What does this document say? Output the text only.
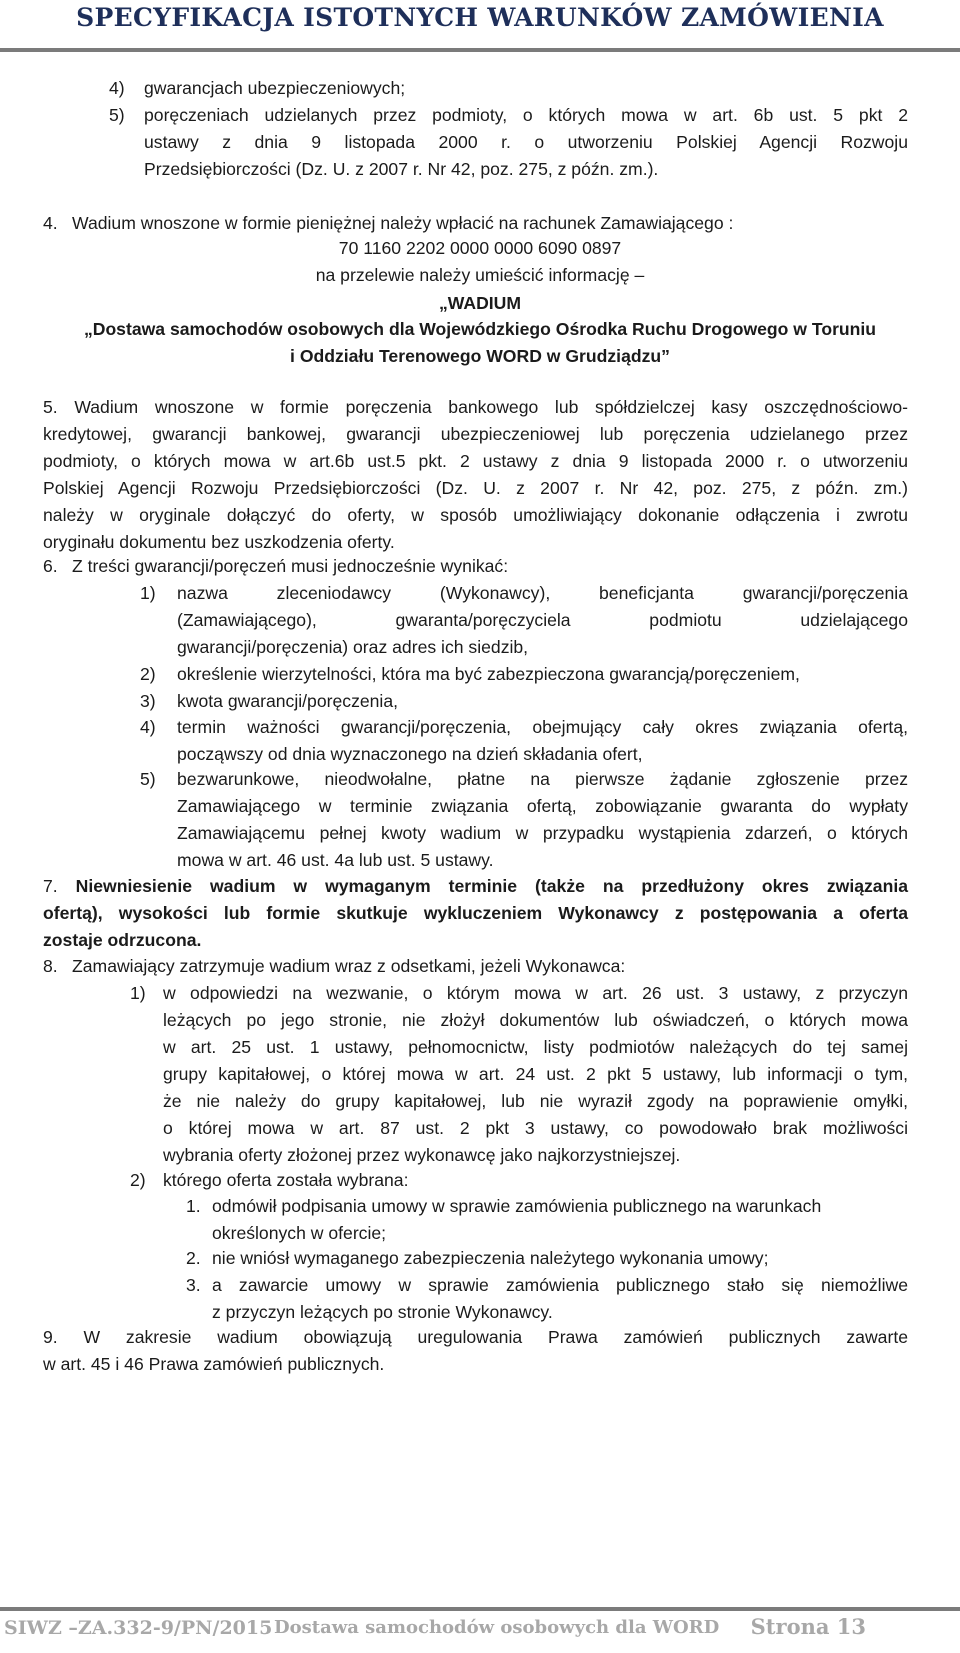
SPECYFIKACJA ISTOTNYCH WARUNKÓW ZAMÓWIENIA
4) gwarancjach ubezpieczeniowych;
5) poręczeniach udzielanych przez podmioty, o których mowa w art. 6b ust. 5 pkt 2
ustawy z dnia 9 listopada 2000 r. o utworzeniu Polskiej Agencji Rozwoju
Przedsiębiorczości (Dz. U. z 2007 r. Nr 42, poz. 275, z późn. zm.).
4. Wadium wnoszone w formie pieniężnej należy wpłacić na rachunek Zamawiającego :
70 1160 2202 0000 0000 6090 0897
na przelewie należy umieścić informację –
„WADIUM
„Dostawa samochodów osobowych dla Wojewódzkiego Ośrodka Ruchu Drogowego w Toruniu
i Oddziału Terenowego WORD w Grudziądzu”
5. Wadium wnoszone w formie poręczenia bankowego lub spółdzielczej kasy oszczędnościowo-
kredytowej, gwarancji bankowej, gwarancji ubezpieczeniowej lub poręczenia udzielanego przez
podmioty, o których mowa w art.6b ust.5 pkt. 2 ustawy z dnia 9 listopada 2000 r. o utworzeniu
Polskiej Agencji Rozwoju Przedsiębiorczości (Dz. U. z 2007 r. Nr 42, poz. 275, z późn. zm.)
należy w oryginale dołączyć do oferty, w sposób umożliwiający dokonanie odłączenia i zwrotu
oryginału dokumentu bez uszkodzenia oferty.
6. Z treści gwarancji/poręczeń musi jednocześnie wynikać:
1) nazwa zleceniodawcy (Wykonawcy), beneficjanta gwarancji/poręczenia
(Zamawiającego), gwaranta/poręczyciela podmiotu udzielającego
gwarancji/poręczenia) oraz adres ich siedzib,
2) określenie wierzytelności, która ma być zabezpieczona gwarancją/poręczeniem,
3) kwota gwarancji/poręczenia,
4) termin ważności gwarancji/poręczenia, obejmujący cały okres związania ofertą,
począwszy od dnia wyznaczonego na dzień składania ofert,
5) bezwarunkowe, nieodwołalne, płatne na pierwsze żądanie zgłoszenie przez
Zamawiającego w terminie związania ofertą, zobowiązanie gwaranta do wypłaty
Zamawiającemu pełnej kwoty wadium w przypadku wystąpienia zdarzeń, o których
mowa w art. 46 ust. 4a lub ust. 5 ustawy.
7. Niewniesienie wadium w wymaganym terminie (także na przedłużony okres związania
ofertą), wysokości lub formie skutkuje wykluczeniem Wykonawcy z postępowania a oferta
zostaje odrzucona.
8. Zamawiający zatrzymuje wadium wraz z odsetkami, jeżeli Wykonawca:
1) w odpowiedzi na wezwanie, o którym mowa w art. 26 ust. 3 ustawy, z przyczyn
leżących po jego stronie, nie złożył dokumentów lub oświadczeń, o których mowa
w art. 25 ust. 1 ustawy, pełnomocnictw, listy podmiotów należących do tej samej
grupy kapitałowej, o której mowa w art. 24 ust. 2 pkt 5 ustawy, lub informacji o tym,
że nie należy do grupy kapitałowej, lub nie wyraził zgody na poprawienie omyłki,
o której mowa w art. 87 ust. 2 pkt 3 ustawy, co powodowało brak możliwości
wybrania oferty złożonej przez wykonawcę jako najkorzystniejszej.
2) którego oferta została wybrana:
1. odmówił podpisania umowy w sprawie zamówienia publicznego na warunkach
określonych w ofercie;
2. nie wniósł wymaganego zabezpieczenia należytego wykonania umowy;
3. a zawarcie umowy w sprawie zamówienia publicznego stało się niemożliwe
z przyczyn leżących po stronie Wykonawcy.
9. W zakresie wadium obowiązują uregulowania Prawa zamówień publicznych zawarte
w art. 45 i 46 Prawa zamówień publicznych.
SIWZ –ZA.332-9/PN/2015 Dostawa samochodów osobowych dla WORD Strona 13
